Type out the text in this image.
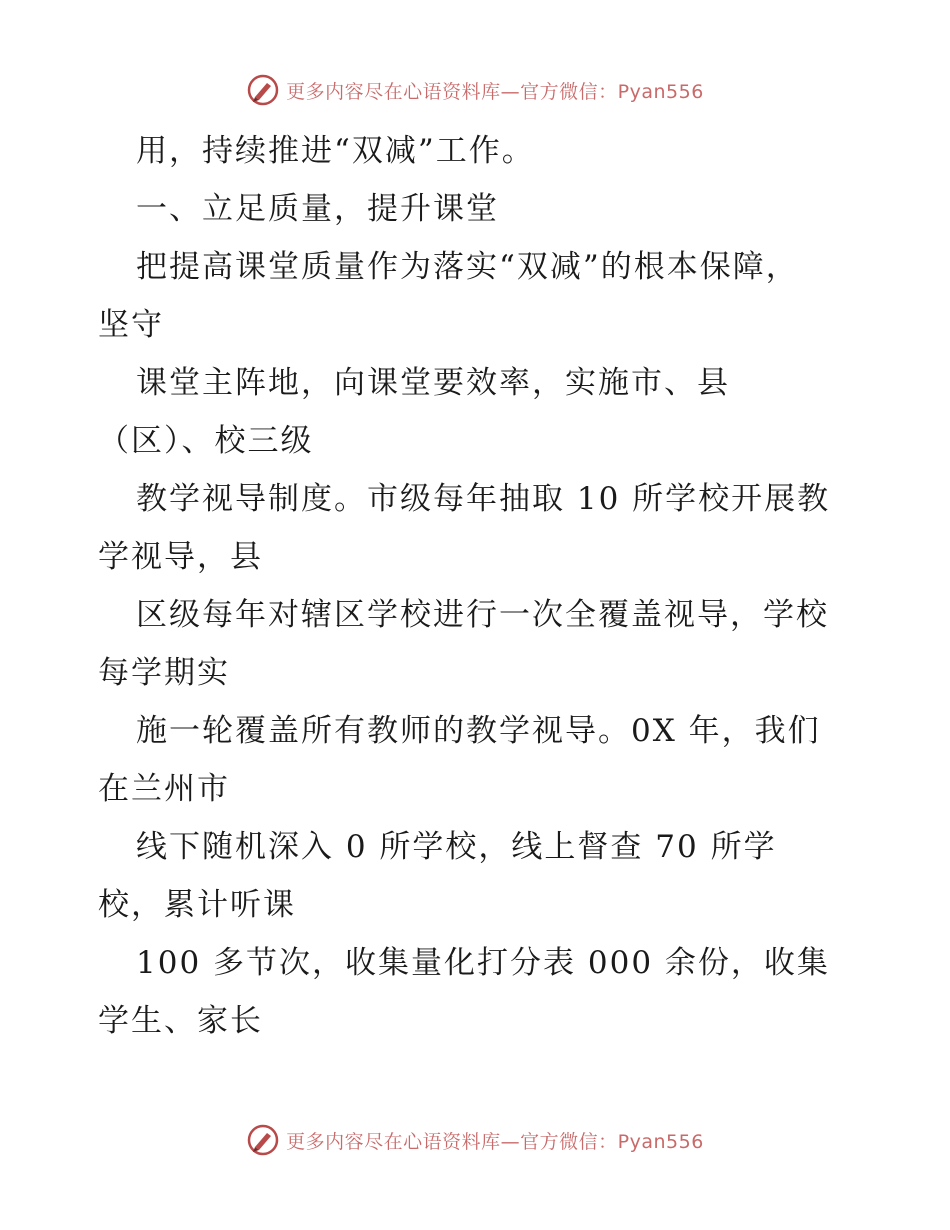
更多内容尽在心语资料库—官方微信：Pyan556
用，持续推进“双减”工作。
一、立足质量，提升课堂
把提高课堂质量作为落实“双减”的根本保障，
坚守
课堂主阵地，向课堂要效率，实施市、县
（区）、校三级
教学视导制度。市级每年抽取 10 所学校开展教
学视导，县
区级每年对辖区学校进行一次全覆盖视导，学校
每学期实
施一轮覆盖所有教师的教学视导。0X 年，我们
在兰州市
线下随机深入 0 所学校，线上督查 70 所学
校，累计听课
100 多节次，收集量化打分表 000 余份，收集
学生、家长
更多内容尽在心语资料库—官方微信：Pyan556
